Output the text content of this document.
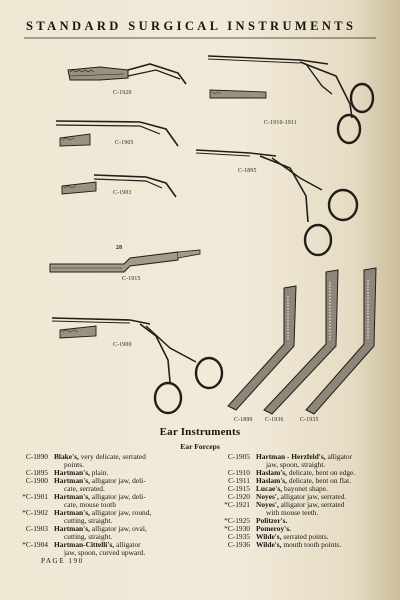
STANDARD SURGICAL INSTRUMENTS
C-1920
C-1910-1911
C-1905
C-1895
C-1903
28
C-1915
C-1900
C-1890 C-1936	C-1935
Ear Instruments
Ear Forceps
C-1890 Blake's, very delicate, serrated
points.
C-1895 Hartman's, plain.
C-1900 Hartman's, alligator jaw, deli-
cate, serrated.
*C-1901 Hartman's, alligator jaw, deli-
cate, mouse tooth
*C-1902 Hartman's, alligator jaw, round,
cutting, straight.
C-1903 Hartman's, alligator jaw, oval,
cutting, straight.
*C-1904 Hartman-Cittelli's, alligator
jaw, spoon, curved upward.
C-1905 Hartman - Herzfeld's, alligator
jaw, spoon, straight.
C-1910 Haslam's, delicate, bent on edge.
C-1911 Haslam's, delicate, bent on flat.
C-1915 Lucae's, bayonet shape.
C-1920 Noyes', alligator jaw, serrated.
*C-1921 Noyes', alligator jaw, serrated
with mouse teeth.
*C-1925 Politzer's.
*C-1930 Pomeroy's.
C-1935 Wilde's, serrated points.
C-1936 Wilde's, mouth tooth points.
PAGE 190
